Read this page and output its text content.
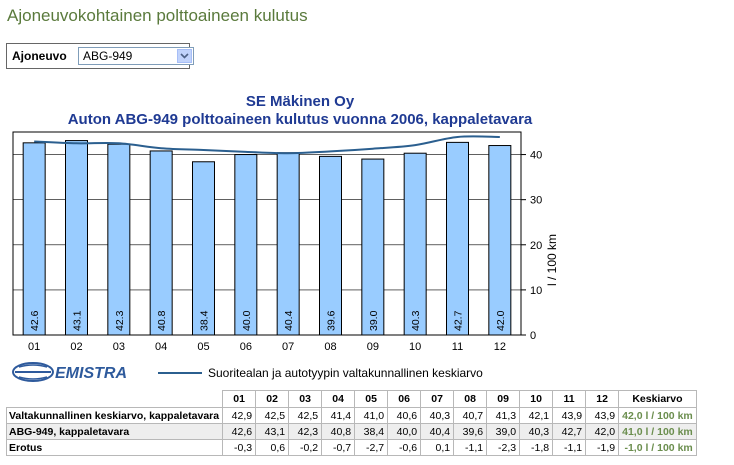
Ajoneuvokohtainen polttoaineen kulutus
Ajoneuvo	ABG-949
SE Mäkinen Oy
Auton ABG-949 polttoaineen kulutus vuonna 2006, kappaletavara
l / 100 km
0
10
20
30
40
42.6
01
43.1
02
42.3
03
40.8
04
38.4
05
40.0
06
40.4
07
39.6
08
39.0
09
40.3
10
42.7
11
42.0
12
EMISTRA	Suoritealan ja autotyypin valtakunnallinen keskiarvo
	01	02	03	04	05	06	07	08	09	10	11	12	Keskiarvo
Valtakunnallinen keskiarvo, kappaletavara	42,9	42,5	42,5	41,4	41,0	40,6	40,3	40,7	41,3	42,1	43,9	43,9	42,0 l / 100 km
ABG-949, kappaletavara	42,6	43,1	42,3	40,8	38,4	40,0	40,4	39,6	39,0	40,3	42,7	42,0	41,0 l / 100 km
Erotus	-0,3	0,6	-0,2	-0,7	-2,7	-0,6	0,1	-1,1	-2,3	-1,8	-1,1	-1,9	-1,0 l / 100 km
